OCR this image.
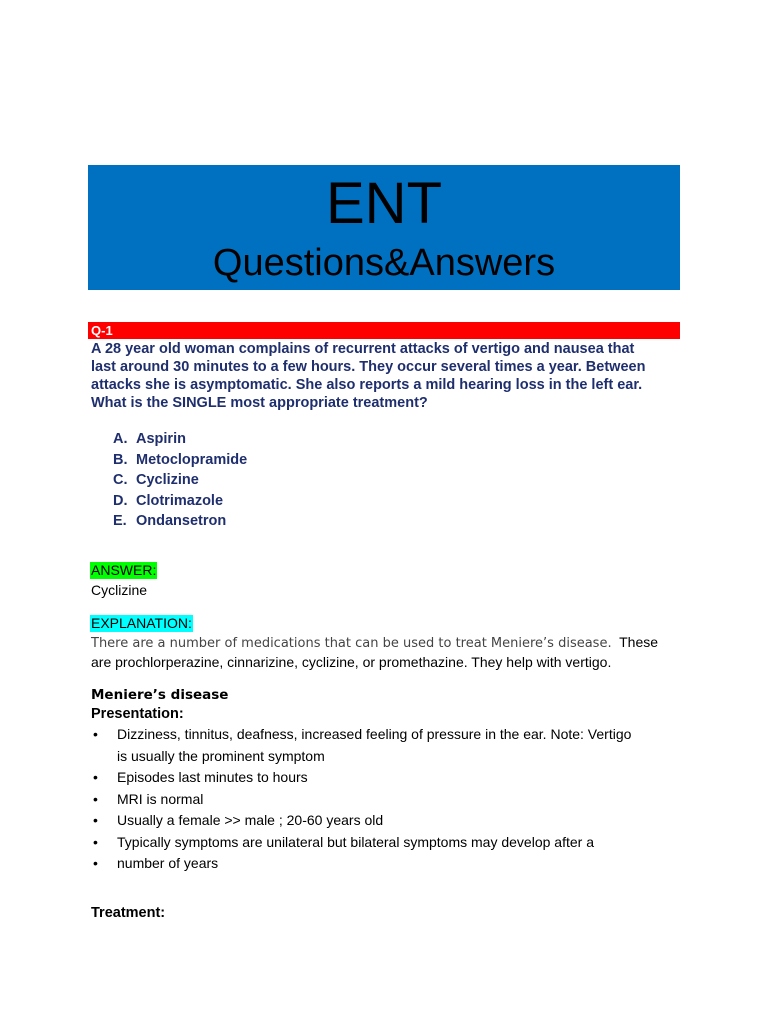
ENT
Questions&Answers
Q-1

A 28 year old woman complains of recurrent attacks of vertigo and nausea that

last around 30 minutes to a few hours. They occur several times a year. Between

attacks she is asymptomatic. She also reports a mild hearing loss in the left ear.

What is the SINGLE most appropriate treatment?

A. Aspirin
B. Metoclopramide
C. Cyclizine
D. Clotrimazole
E. Ondansetron
ANSWER:
Cyclizine
EXPLANATION:

There are a number of medications that can be used to treat Meniere’s disease.  These

are prochlorperazine, cinnarizine, cyclizine, or promethazine. They help with vertigo.

Meniere’s disease
Presentation:
• Dizziness, tinnitus, deafness, increased feeling of pressure in the ear. Note: Vertigo
is usually the prominent symptom
• Episodes last minutes to hours
• MRI is normal
• Usually a female >> male ; 20-60 years old
• Typically symptoms are unilateral but bilateral symptoms may develop after a
• number of years
Treatment:
